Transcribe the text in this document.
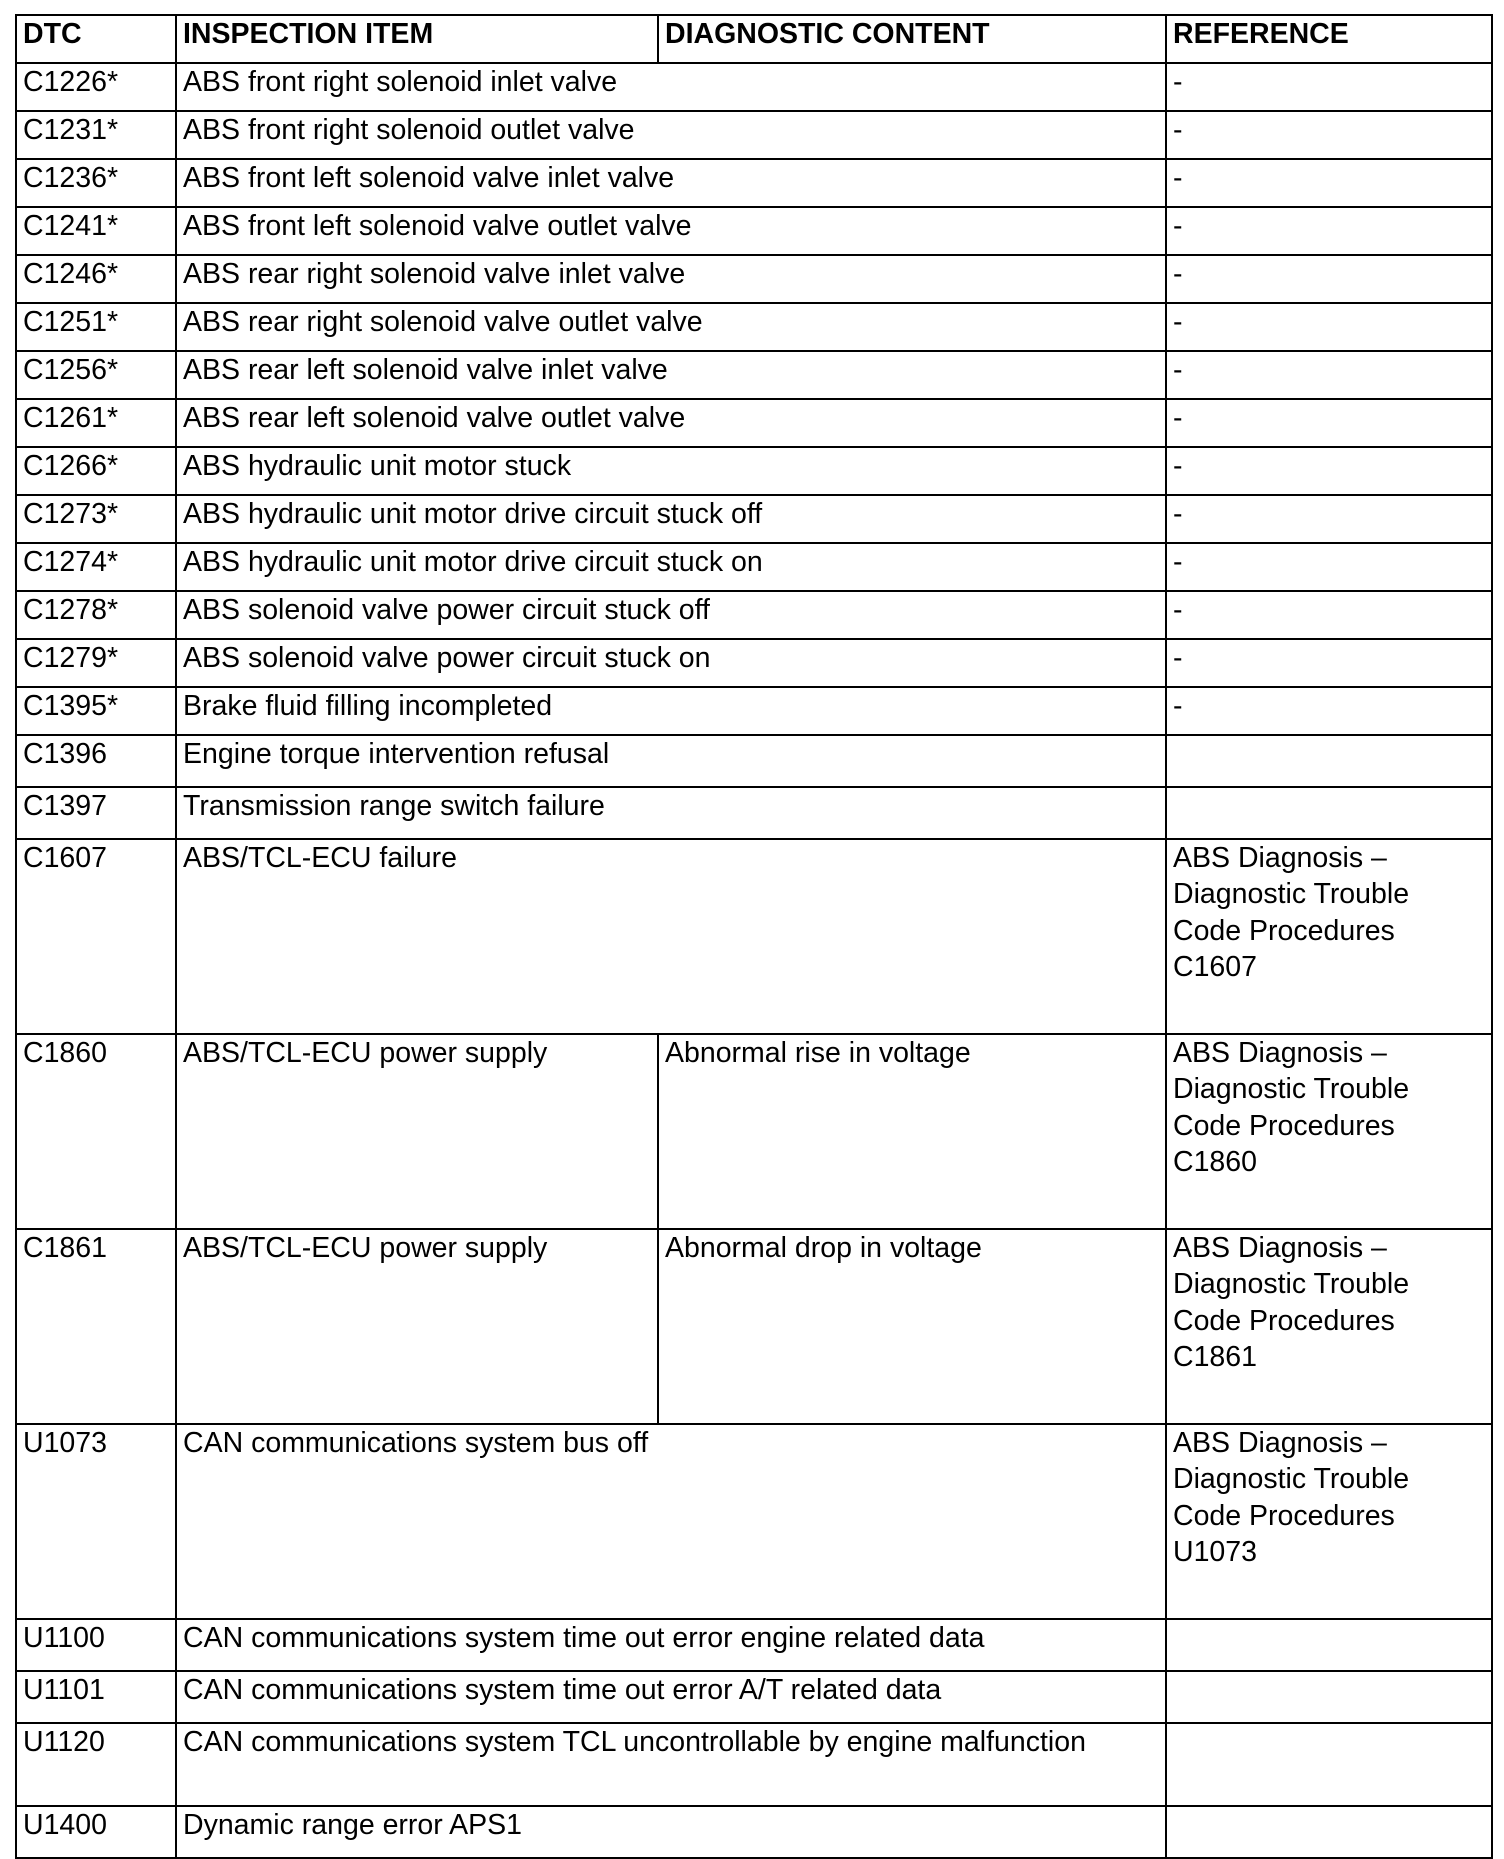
DTC	INSPECTION ITEM	DIAGNOSTIC CONTENT	REFERENCE
C1226*	ABS front right solenoid inlet valve		-
C1231*	ABS front right solenoid outlet valve		-
C1236*	ABS front left solenoid valve inlet valve		-
C1241*	ABS front left solenoid valve outlet valve		-
C1246*	ABS rear right solenoid valve inlet valve		-
C1251*	ABS rear right solenoid valve outlet valve		-
C1256*	ABS rear left solenoid valve inlet valve		-
C1261*	ABS rear left solenoid valve outlet valve		-
C1266*	ABS hydraulic unit motor stuck		-
C1273*	ABS hydraulic unit motor drive circuit stuck off		-
C1274*	ABS hydraulic unit motor drive circuit stuck on		-
C1278*	ABS solenoid valve power circuit stuck off		-
C1279*	ABS solenoid valve power circuit stuck on		-
C1395*	Brake fluid filling incompleted		-
C1396	Engine torque intervention refusal		
C1397	Transmission range switch failure		
C1607	ABS/TCL-ECU failure		ABS Diagnosis –
Diagnostic Trouble
Code Procedures
C1607

C1860	ABS/TCL-ECU power supply	Abnormal rise in voltage	ABS Diagnosis –
Diagnostic Trouble
Code Procedures
C1860

C1861	ABS/TCL-ECU power supply	Abnormal drop in voltage	ABS Diagnosis –
Diagnostic Trouble
Code Procedures
C1861

U1073	CAN communications system bus off		ABS Diagnosis –
Diagnostic Trouble
Code Procedures
U1073

U1100	CAN communications system time out error engine related data		
U1101	CAN communications system time out error A/T related data		
U1120	CAN communications system TCL uncontrollable by engine malfunction		
U1400	Dynamic range error APS1		
